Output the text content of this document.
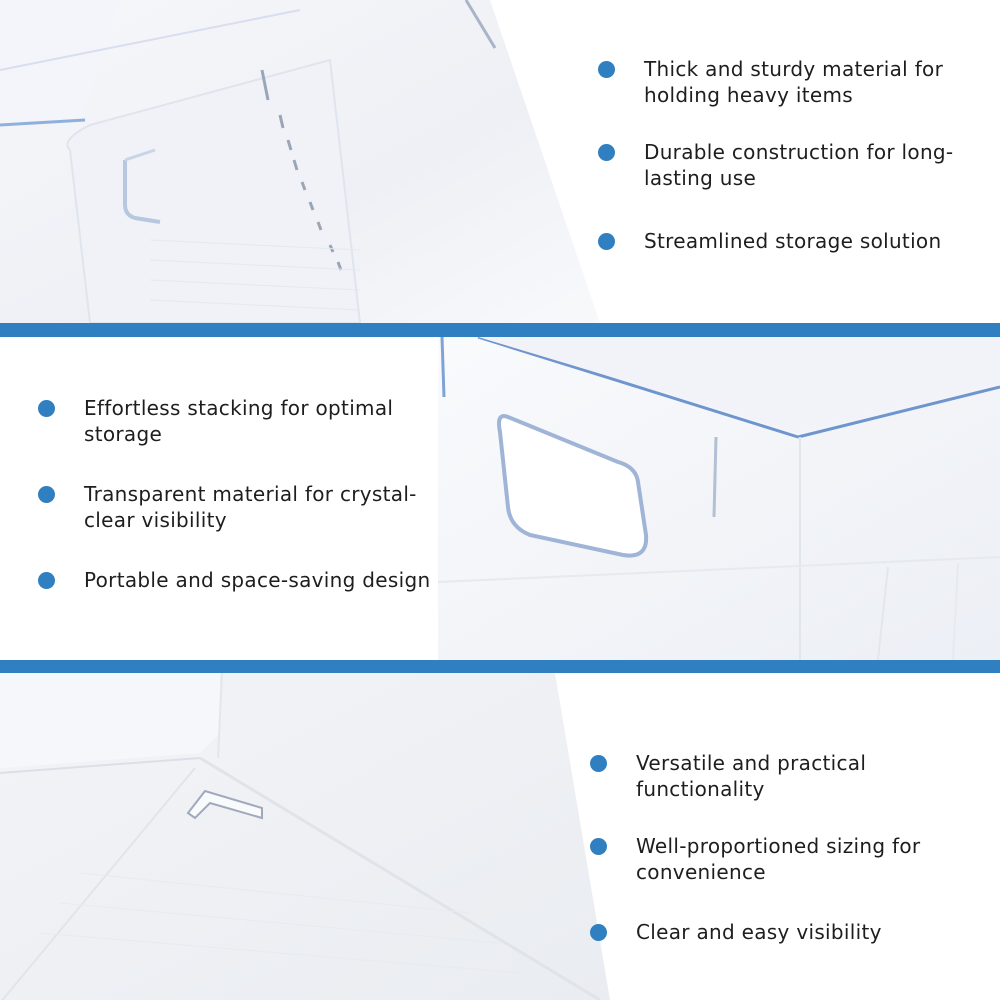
Thick and sturdy material for holding heavy items
Durable construction for long-lasting use
Streamlined storage solution
Effortless stacking for optimal storage
Transparent material for crystal-clear visibility
Portable and space-saving design
Versatile and practical functionality
Well-proportioned sizing for convenience
Clear and easy visibility
